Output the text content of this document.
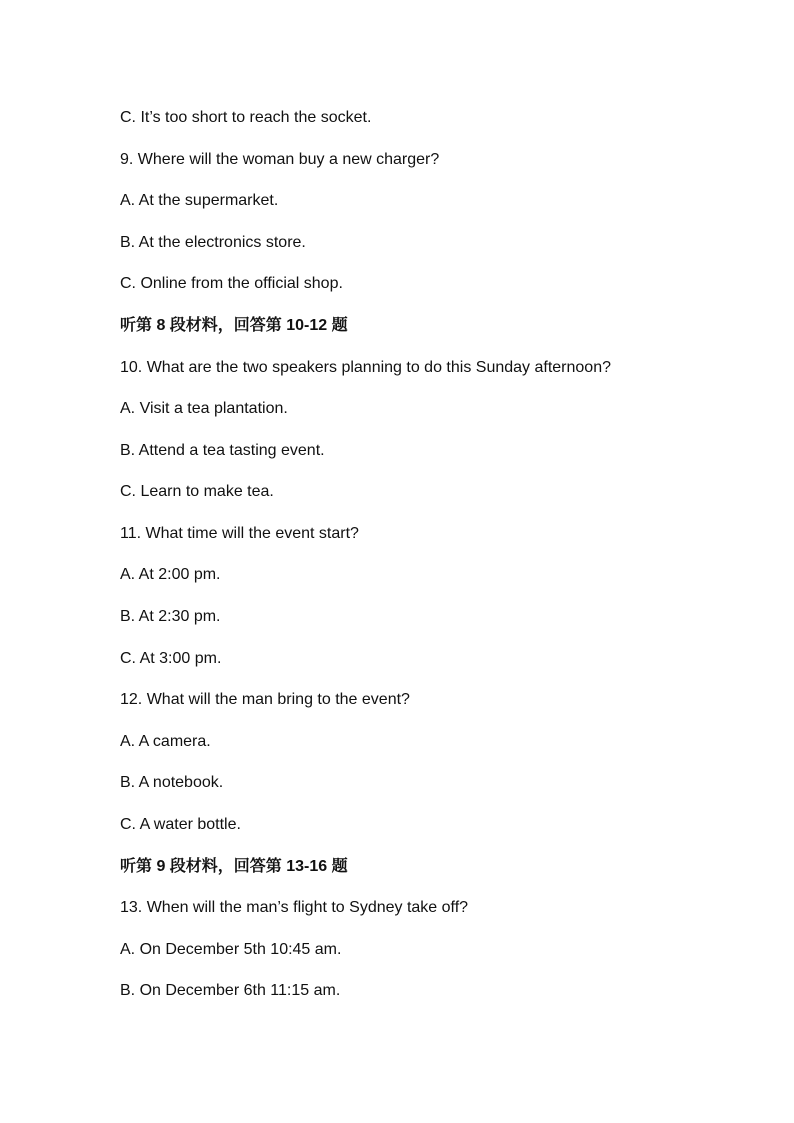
C. It’s too short to reach the socket.
9. Where will the woman buy a new charger?
A. At the supermarket.
B. At the electronics store.
C. Online from the official shop.
听第 8 段材料，回答第 10-12 题
10. What are the two speakers planning to do this Sunday afternoon?
A. Visit a tea plantation.
B. Attend a tea tasting event.
C. Learn to make tea.
11. What time will the event start?
A. At 2:00 pm.
B. At 2:30 pm.
C. At 3:00 pm.
12. What will the man bring to the event?
A. A camera.
B. A notebook.
C. A water bottle.
听第 9 段材料，回答第 13-16 题
13. When will the man’s flight to Sydney take off?
A. On December 5th 10:45 am.
B. On December 6th 11:15 am.
